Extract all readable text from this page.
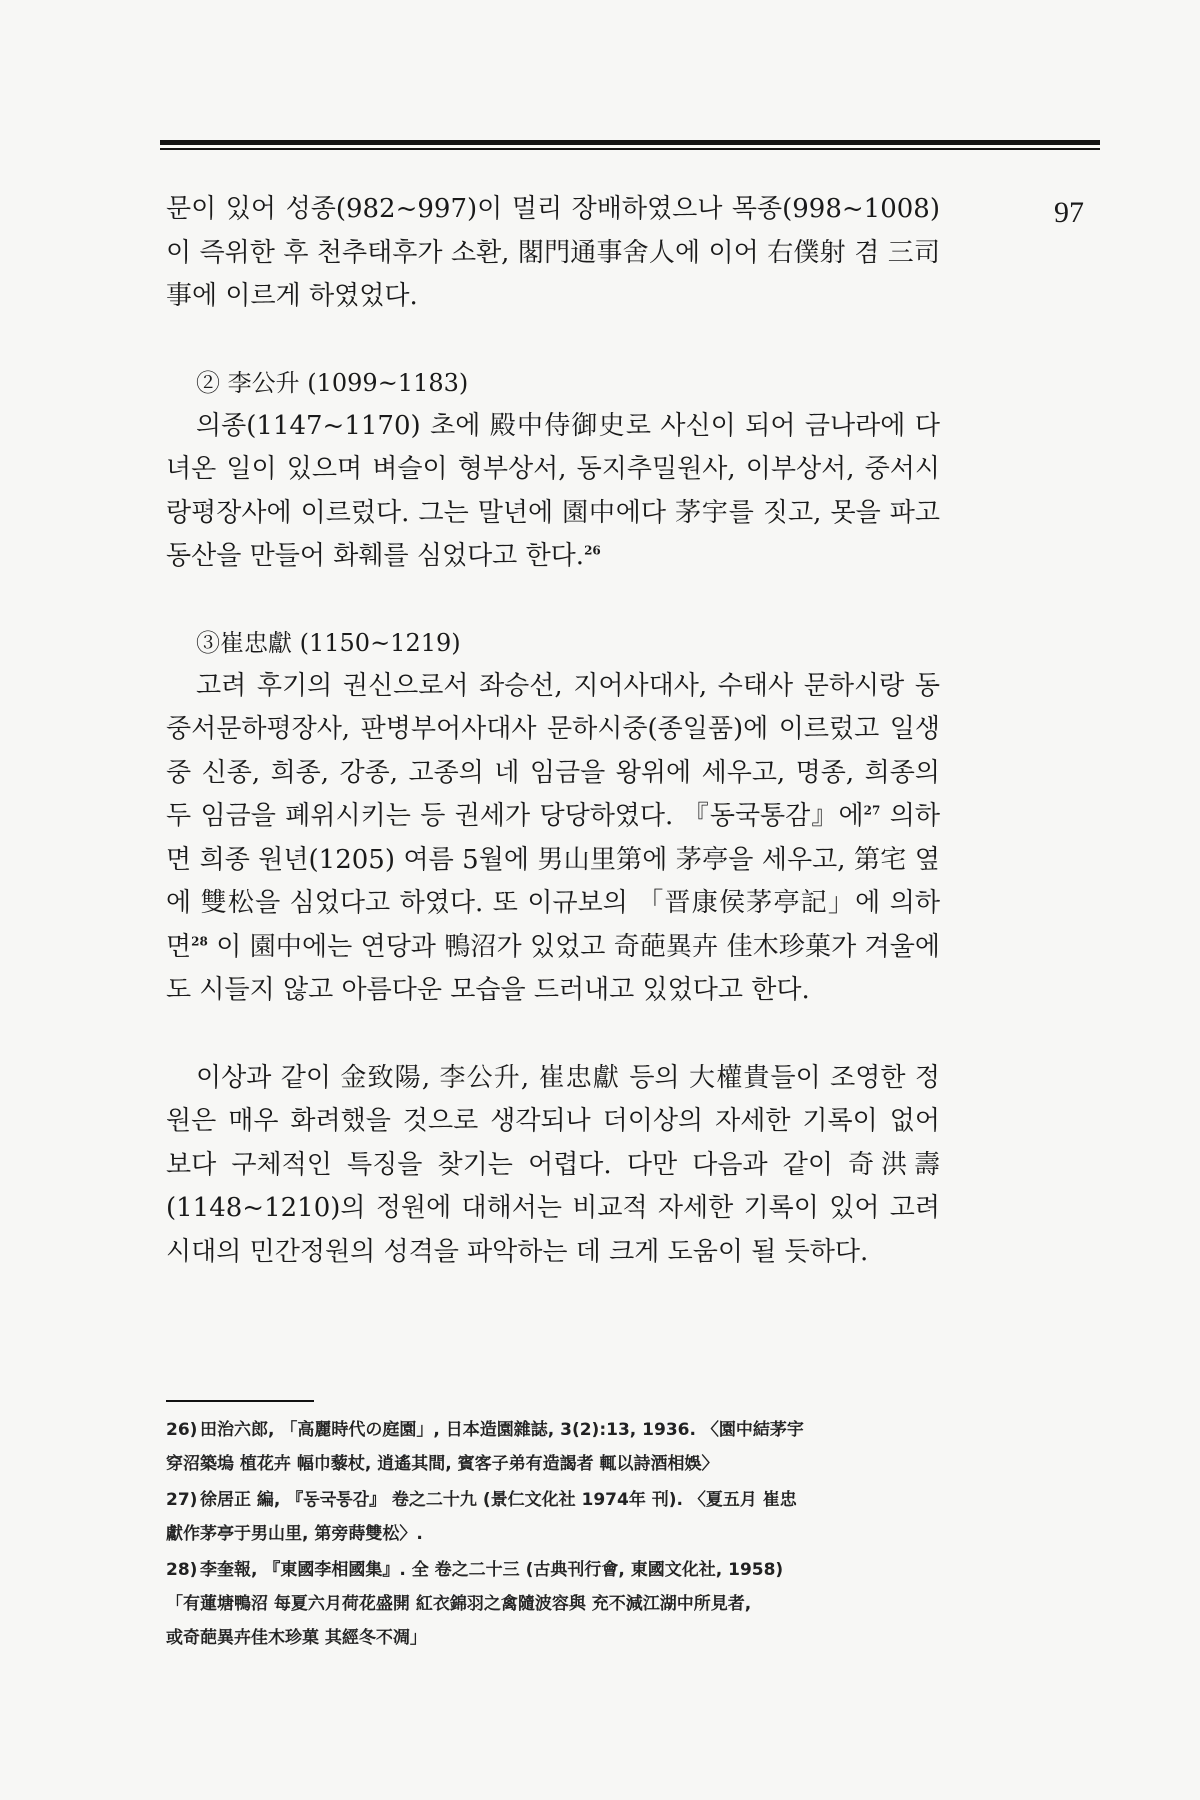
97

문이 있어 성종(982~997)이 멀리 장배하였으나 목종(998~1008)이 즉위한 후 천추태후가 소환, 閣門通事舍人에 이어 右僕射 겸 三司事에 이르게 하였었다.

② 李公升 (1099~1183)

의종(1147~1170) 초에 殿中侍御史로 사신이 되어 금나라에 다녀온 일이 있으며 벼슬이 형부상서, 동지추밀원사, 이부상서, 중서시랑평장사에 이르렀다. 그는 말년에 園中에다 茅宇를 짓고, 못을 파고 동산을 만들어 화훼를 심었다고 한다.$^{26}$

③崔忠獻 (1150~1219)

고려 후기의 권신으로서 좌승선, 지어사대사, 수태사 문하시랑 동중서문하평장사, 판병부어사대사 문하시중(종일품)에 이르렀고 일생 중 신종, 희종, 강종, 고종의 네 임금을 왕위에 세우고, 명종, 희종의 두 임금을 폐위시키는 등 권세가 당당하였다. 『동국통감』에$^{27}$ 의하면 희종 원년(1205) 여름 5월에 男山里第에 茅亭을 세우고, 第宅 옆에 雙松을 심었다고 하였다. 또 이규보의 「晋康侯茅亭記」에 의하면$^{28}$ 이 園中에는 연당과 鴨沼가 있었고 奇葩異卉 佳木珍菓가 겨울에도 시들지 않고 아름다운 모습을 드러내고 있었다고 한다.

이상과 같이 金致陽, 李公升, 崔忠獻 등의 大權貴들이 조영한 정원은 매우 화려했을 것으로 생각되나 더이상의 자세한 기록이 없어 보다 구체적인 특징을 찾기는 어렵다. 다만 다음과 같이 奇洪壽(1148~1210)의 정원에 대해서는 비교적 자세한 기록이 있어 고려시대의 민간정원의 성격을 파악하는 데 크게 도움이 될 듯하다.

26) 田治六郎, 「高麗時代の庭園」, 日本造園雜誌, 3(2):13, 1936. 〈園中結茅宇
穿沼築塢 植花卉 幅巾藜杖, 逍遙其間, 賓客子弟有造謁者 輒以詩酒相娛〉

27) 徐居正 編, 『동국통감』 卷之二十九 (景仁文化社 1974年 刊). 〈夏五月 崔忠
獻作茅亭于男山里, 第旁蒔雙松〉.

28) 李奎報, 『東國李相國集』. 全 卷之二十三 (古典刊行會, 東國文化社, 1958)
「有蓮塘鴨沼 每夏六月荷花盛開 紅衣錦羽之禽隨波容與 充不減江湖中所見者,
或奇葩異卉佳木珍菓 其經冬不凋」
